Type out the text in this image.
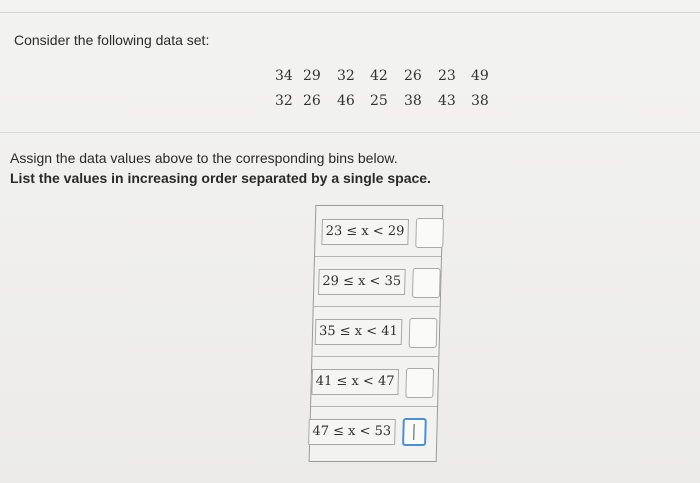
Consider the following data set:
34 29	32	42	26	23	49
32 26	46	25	38	43	38
Assign the data values above to the corresponding bins below.
List the values in increasing order separated by a single space.
23 ≤ x < 29
29 ≤ x < 35
35 ≤ x < 41
41 ≤ x < 47
47 ≤ x < 53
